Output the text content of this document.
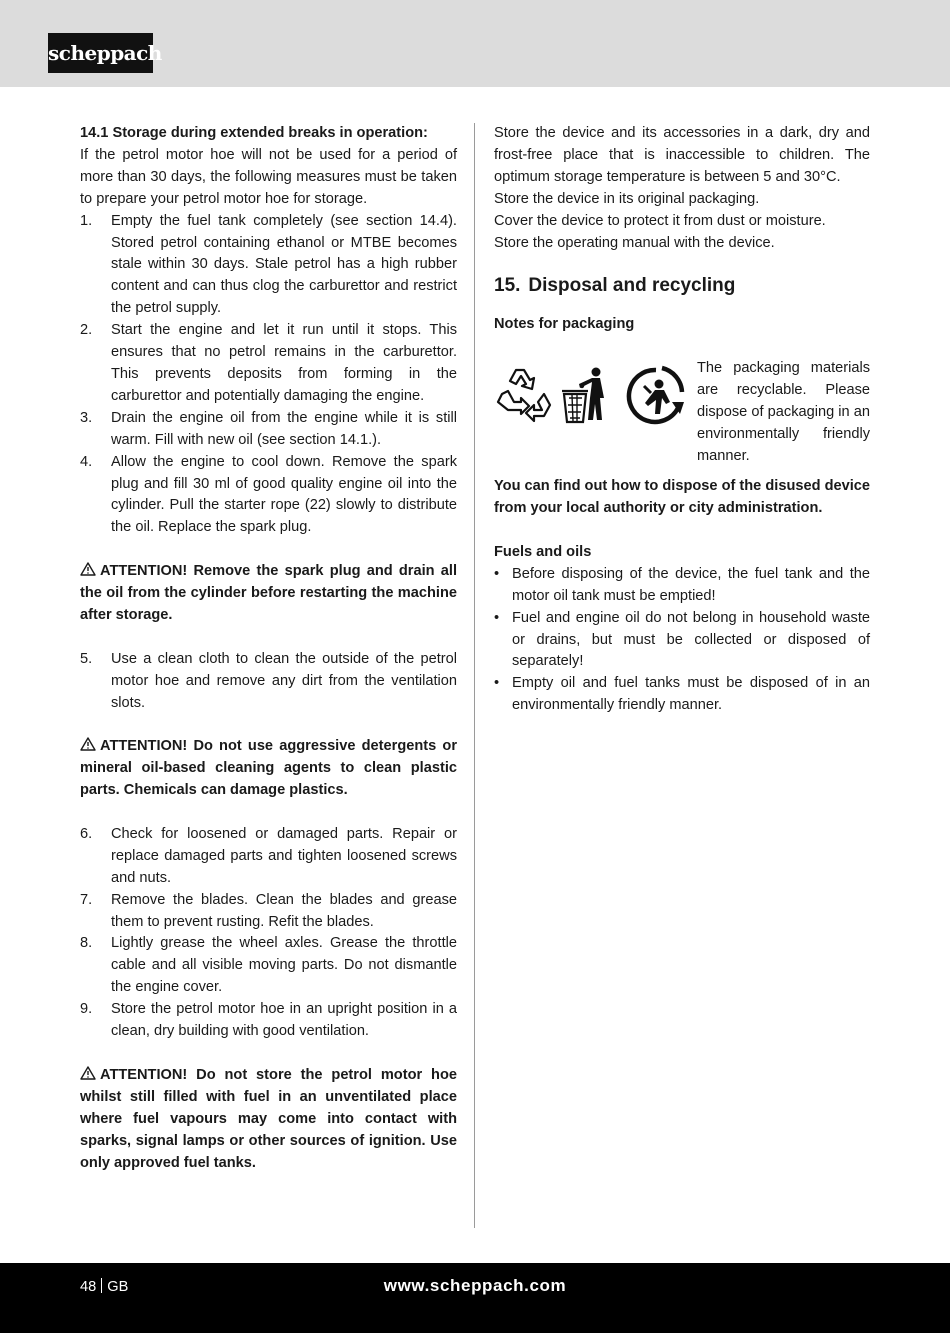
scheppach

14.1 Storage during extended breaks in operation:

If the petrol motor hoe will not be used for a period of more than 30 days, the following measures must be taken to prepare your petrol motor hoe for storage.

1. Empty the fuel tank completely (see section 14.4). Stored petrol containing ethanol or MTBE becomes stale within 30 days. Stale petrol has a high rubber content and can thus clog the carburettor and restrict the petrol supply.
2. Start the engine and let it run until it stops. This ensures that no petrol remains in the carburettor. This prevents deposits from forming in the carburettor and potentially damaging the engine.
3. Drain the engine oil from the engine while it is still warm. Fill with new oil (see section 14.1.).
4. Allow the engine to cool down. Remove the spark plug and fill 30 ml of good quality engine oil into the cylinder. Pull the starter rope (22) slowly to distribute the oil. Replace the spark plug.

ATTENTION! Remove the spark plug and drain all the oil from the cylinder before restarting the machine after storage.

5. Use a clean cloth to clean the outside of the petrol motor hoe and remove any dirt from the ventilation slots.

ATTENTION! Do not use aggressive detergents or mineral oil-based cleaning agents to clean plastic parts. Chemicals can damage plastics.

6. Check for loosened or damaged parts. Repair or replace damaged parts and tighten loosened screws and nuts.
7. Remove the blades. Clean the blades and grease them to prevent rusting. Refit the blades.
8. Lightly grease the wheel axles. Grease the throttle cable and all visible moving parts. Do not dismantle the engine cover.
9. Store the petrol motor hoe in an upright position in a clean, dry building with good ventilation.

ATTENTION! Do not store the petrol motor hoe whilst still filled with fuel in an unventilated place where fuel vapours may come into contact with sparks, signal lamps or other sources of ignition. Use only approved fuel tanks.

Store the device and its accessories in a dark, dry and frost-free place that is inaccessible to children. The optimum storage temperature is between 5 and 30°C.

Store the device in its original packaging.

Cover the device to protect it from dust or moisture.

Store the operating manual with the device.

15. Disposal and recycling

Notes for packaging

The packaging materials are recyclable. Please dispose of packaging in an environmentally friendly manner.

You can find out how to dispose of the disused device from your local authority or city administration.

Fuels and oils

• Before disposing of the device, the fuel tank and the motor oil tank must be emptied!
• Fuel and engine oil do not belong in household waste or drains, but must be collected or disposed of separately!
• Empty oil and fuel tanks must be disposed of in an environmentally friendly manner.
48 GB	www.scheppach.com
